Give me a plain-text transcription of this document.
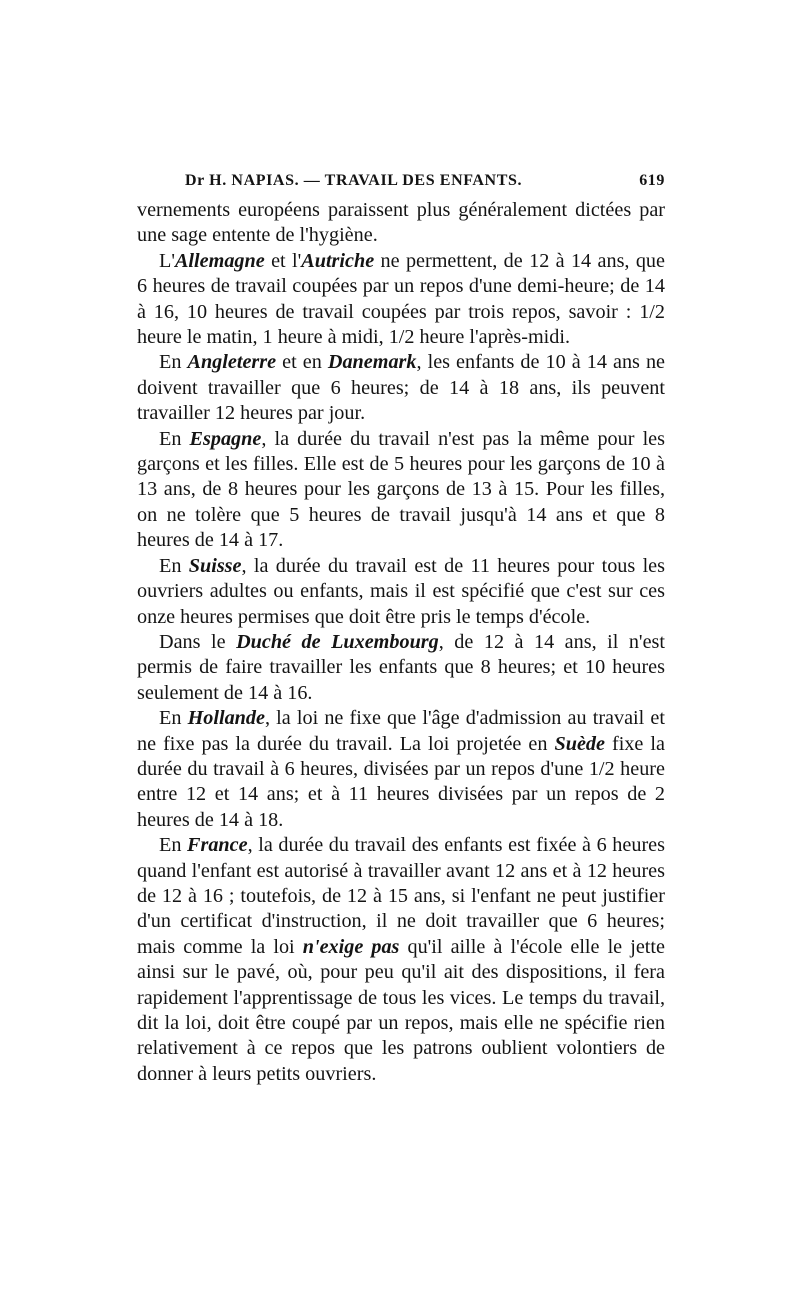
Dr H. NAPIAS. — TRAVAIL DES ENFANTS.	619

vernements européens paraissent plus généralement dictées par une sage entente de l'hygiène.

L'Allemagne et l'Autriche ne permettent, de 12 à 14 ans, que 6 heures de travail coupées par un repos d'une demi-heure; de 14 à 16, 10 heures de travail coupées par trois repos, savoir : 1/2 heure le matin, 1 heure à midi, 1/2 heure l'après-midi.

En Angleterre et en Danemark, les enfants de 10 à 14 ans ne doivent travailler que 6 heures; de 14 à 18 ans, ils peuvent travailler 12 heures par jour.

En Espagne, la durée du travail n'est pas la même pour les garçons et les filles. Elle est de 5 heures pour les garçons de 10 à 13 ans, de 8 heures pour les garçons de 13 à 15. Pour les filles, on ne tolère que 5 heures de travail jusqu'à 14 ans et que 8 heures de 14 à 17.

En Suisse, la durée du travail est de 11 heures pour tous les ouvriers adultes ou enfants, mais il est spécifié que c'est sur ces onze heures permises que doit être pris le temps d'école.

Dans le Duché de Luxembourg, de 12 à 14 ans, il n'est permis de faire travailler les enfants que 8 heures; et 10 heures seulement de 14 à 16.

En Hollande, la loi ne fixe que l'âge d'admission au travail et ne fixe pas la durée du travail. La loi projetée en Suède fixe la durée du travail à 6 heures, divisées par un repos d'une 1/2 heure entre 12 et 14 ans; et à 11 heures divisées par un repos de 2 heures de 14 à 18.

En France, la durée du travail des enfants est fixée à 6 heures quand l'enfant est autorisé à travailler avant 12 ans et à 12 heures de 12 à 16 ; toutefois, de 12 à 15 ans, si l'enfant ne peut justifier d'un certificat d'instruction, il ne doit travailler que 6 heures; mais comme la loi n'exige pas qu'il aille à l'école elle le jette ainsi sur le pavé, où, pour peu qu'il ait des dispositions, il fera rapidement l'apprentissage de tous les vices. Le temps du travail, dit la loi, doit être coupé par un repos, mais elle ne spécifie rien relativement à ce repos que les patrons oublient volontiers de donner à leurs petits ouvriers.
